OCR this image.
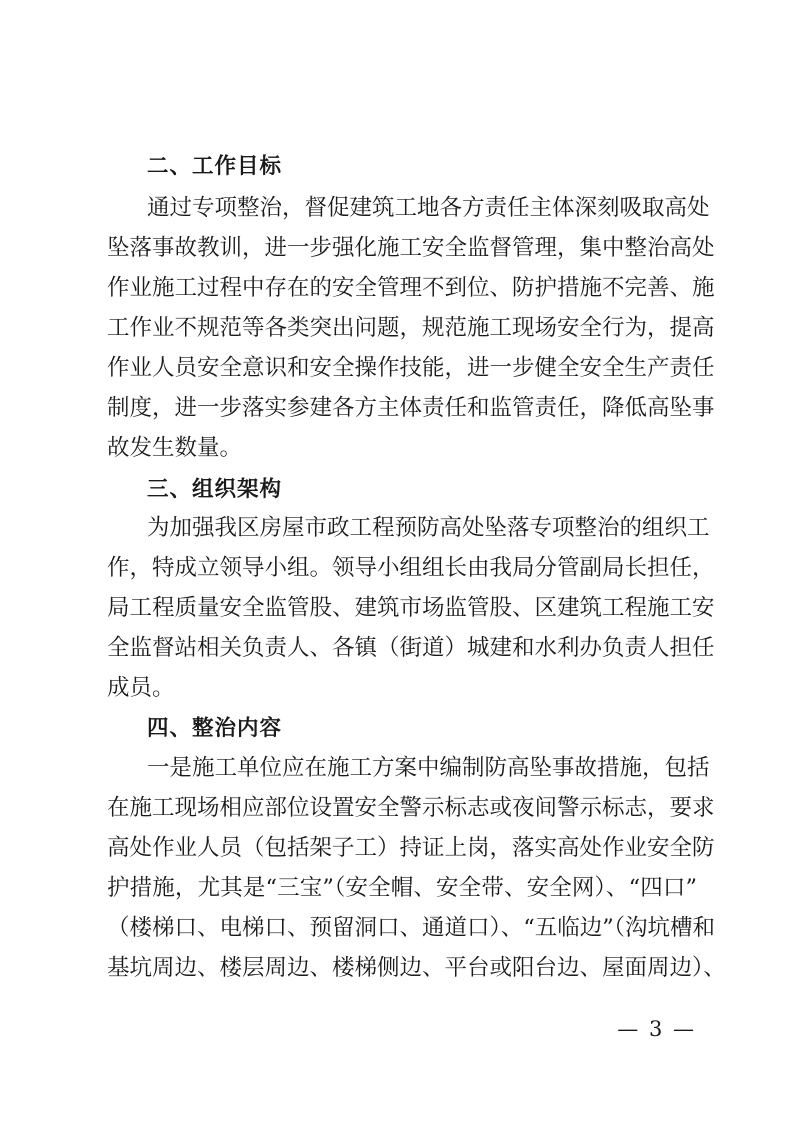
二、工作目标
通过专项整治，督促建筑工地各方责任主体深刻吸取高处
坠落事故教训，进一步强化施工安全监督管理，集中整治高处
作业施工过程中存在的安全管理不到位、防护措施不完善、施
工作业不规范等各类突出问题，规范施工现场安全行为，提高
作业人员安全意识和安全操作技能，进一步健全安全生产责任
制度，进一步落实参建各方主体责任和监管责任，降低高坠事
故发生数量。
三、组织架构
为加强我区房屋市政工程预防高处坠落专项整治的组织工
作，特成立领导小组。领导小组组长由我局分管副局长担任，
局工程质量安全监管股、建筑市场监管股、区建筑工程施工安
全监督站相关负责人、各镇（街道）城建和水利办负责人担任
成员。
四、整治内容
一是施工单位应在施工方案中编制防高坠事故措施，包括
在施工现场相应部位设置安全警示标志或夜间警示标志，要求
高处作业人员（包括架子工）持证上岗，落实高处作业安全防
护措施，尤其是“三宝”（安全帽、安全带、安全网）、“四口”
（楼梯口、电梯口、预留洞口、通道口）、“五临边”（沟坑槽和
基坑周边、楼层周边、楼梯侧边、平台或阳台边、屋面周边）、
— 3 —
